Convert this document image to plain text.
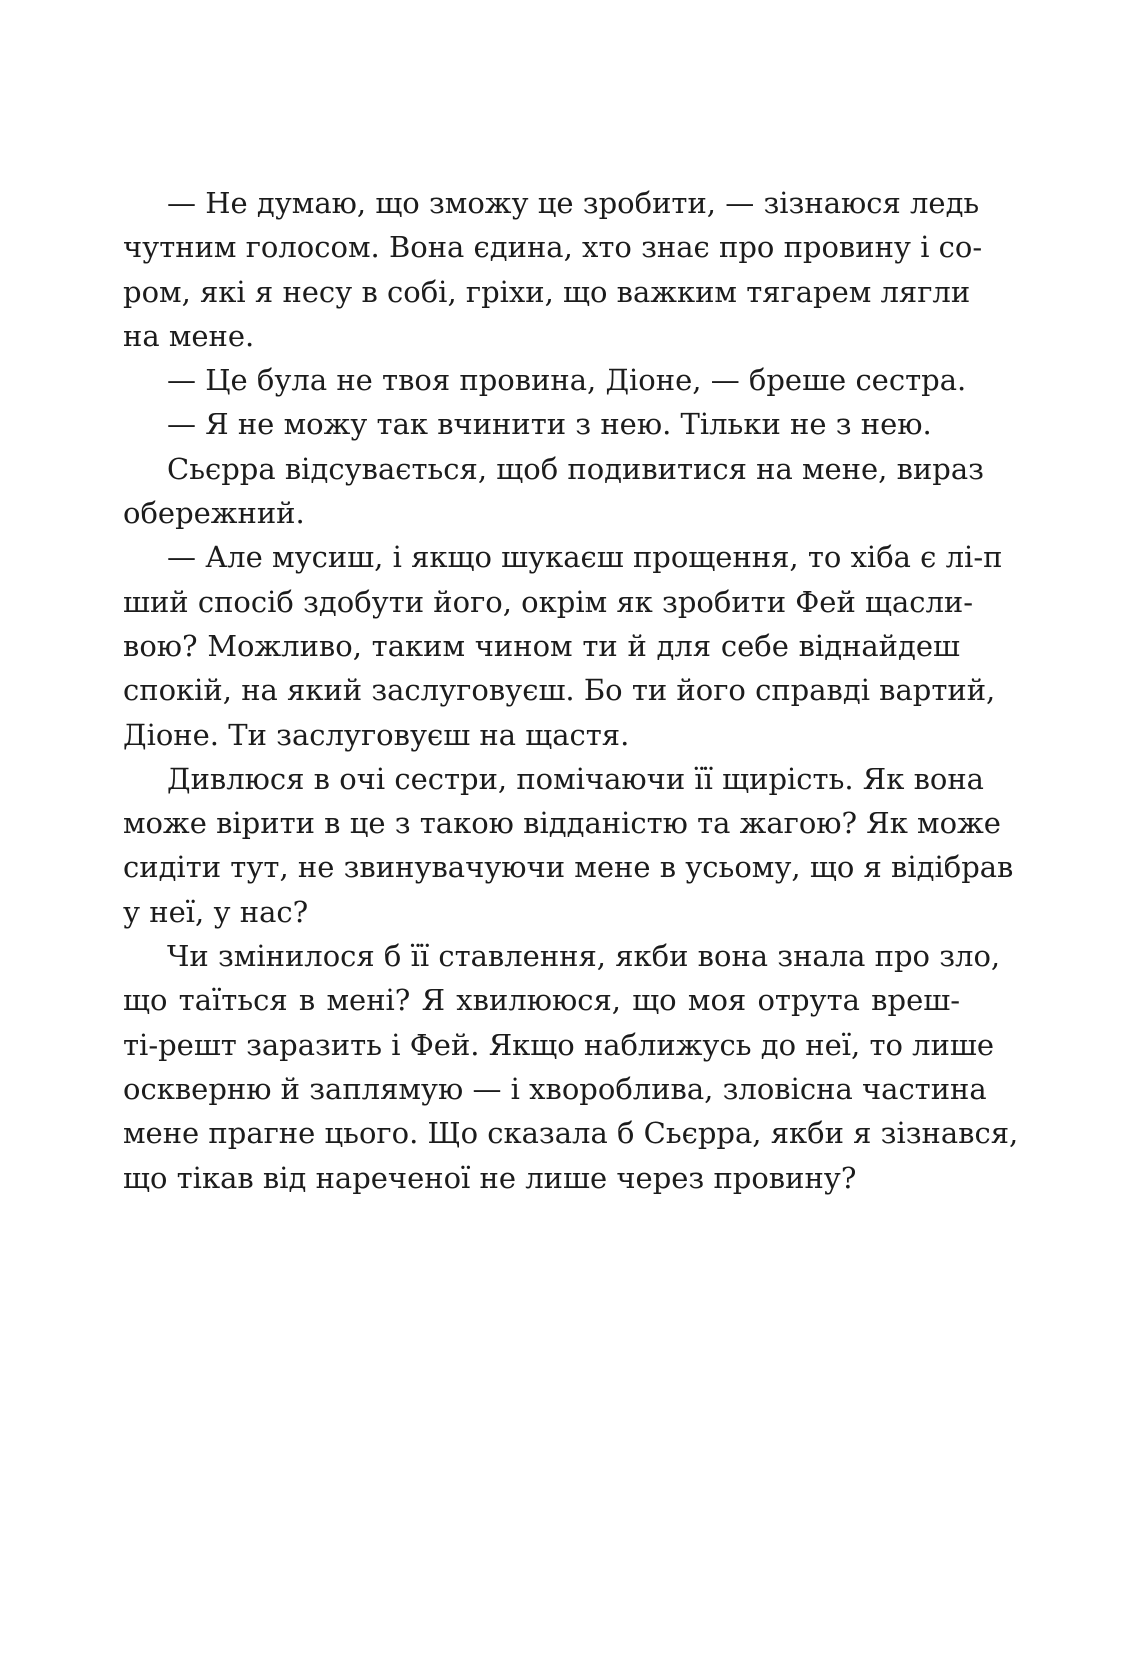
— Не думаю, що зможу це зробити, — зізнаюся ледь
чутним голосом. Вона єдина, хто знає про провину і со-
ром, які я несу в собі, гріхи, що важким тягарем лягли
на мене.
— Це була не твоя провина, Діоне, — бреше сестра.
— Я не можу так вчинити з нею. Тільки не з нею.
Сьєрра відсувається, щоб подивитися на мене, вираз
обережний.
— Але мусиш, і якщо шукаєш прощення, то хіба є лі-п
ший спосіб здобути його, окрім як зробити Фей щасли-
вою? Можливо, таким чином ти й для себе віднайдеш
спокій, на який заслуговуєш. Бо ти його справді вартий,
Діоне. Ти заслуговуєш на щастя.
Дивлюся в очі сестри, помічаючи її щирість. Як вона
може вірити в це з такою відданістю та жагою? Як може
сидіти тут, не звинувачуючи мене в усьому, що я відібрав
у неї, у нас?
Чи змінилося б її ставлення, якби вона знала про зло,
що таїться в мені? Я хвилююся, що моя отрута вреш-
ті-решт заразить і Фей. Якщо наближусь до неї, то лише
оскверню й заплямую — і хвороблива, зловісна частина
мене прагне цього. Що сказала б Сьєрра, якби я зізнався,
що тікав від нареченої не лише через провину?
